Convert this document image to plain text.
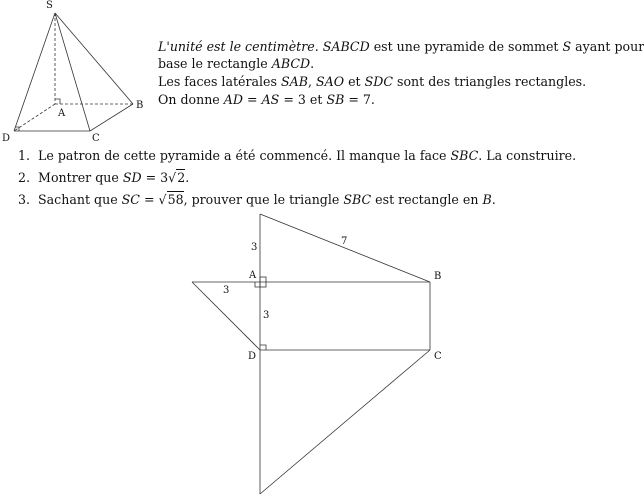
S
A
B
C
D
L'unité est le centimètre. SABCD est une pyramide de sommet S ayant pour
base le rectangle ABCD.
Les faces latérales SAB, SAO et SDC sont des triangles rectangles.
On donne AD = AS = 3 et SB = 7.
1. Le patron de cette pyramide a été commencé. Il manque la face SBC. La construire.
2. Montrer que SD = 3√2.
3. Sachant que SC = √58, prouver que le triangle SBC est rectangle en B.
A	B
C
D
3
7
3
3
